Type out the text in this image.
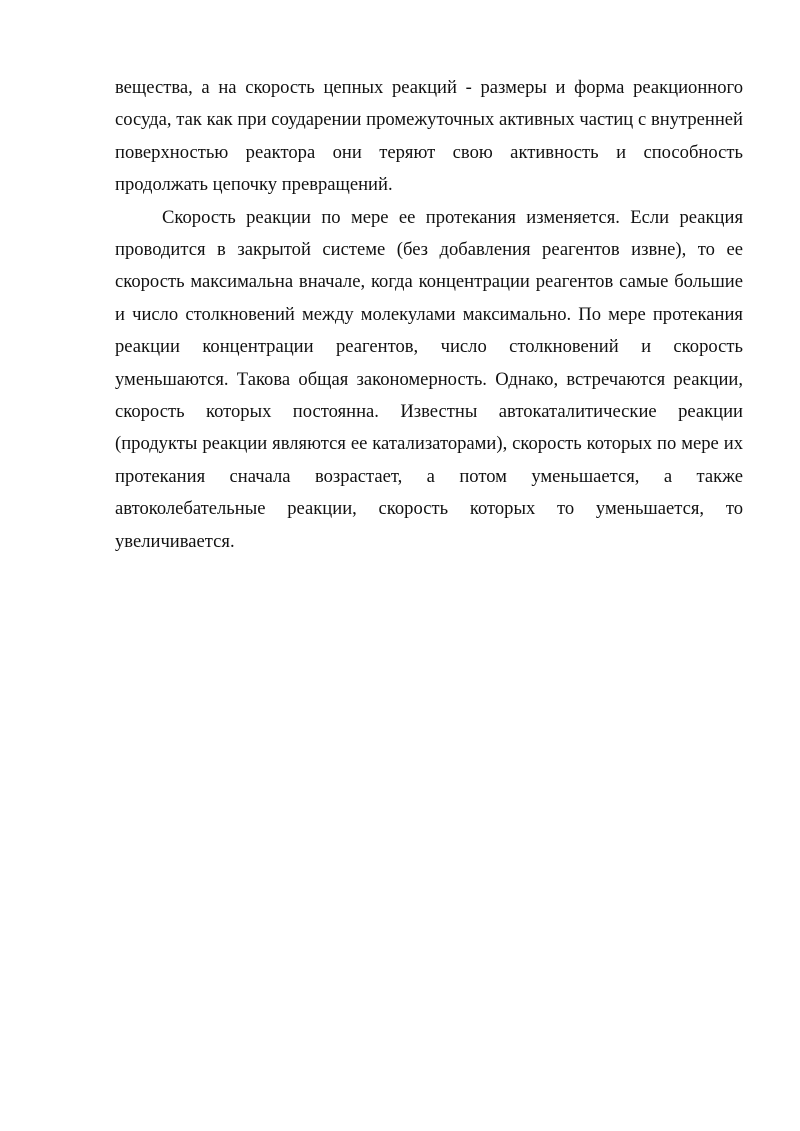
вещества, а на скорость цепных реакций - размеры и форма реакционного сосуда, так как при соударении промежуточных активных частиц с внутренней поверхностью реактора они теряют свою активность и способность продолжать цепочку превращений.

Скорость реакции по мере ее протекания изменяется. Если реакция проводится в закрытой системе (без добавления реагентов извне), то ее скорость максимальна вначале, когда концентрации реагентов самые большие и число столкновений между молекулами максимально. По мере протекания реакции концентрации реагентов, число столкновений и скорость уменьшаются. Такова общая закономерность. Однако, встречаются реакции, скорость которых постоянна. Известны автокаталитические реакции (продукты реакции являются ее катализаторами), скорость которых по мере их протекания сначала возрастает, а потом уменьшается, а также автоколебательные реакции, скорость которых то уменьшается, то увеличивается.
